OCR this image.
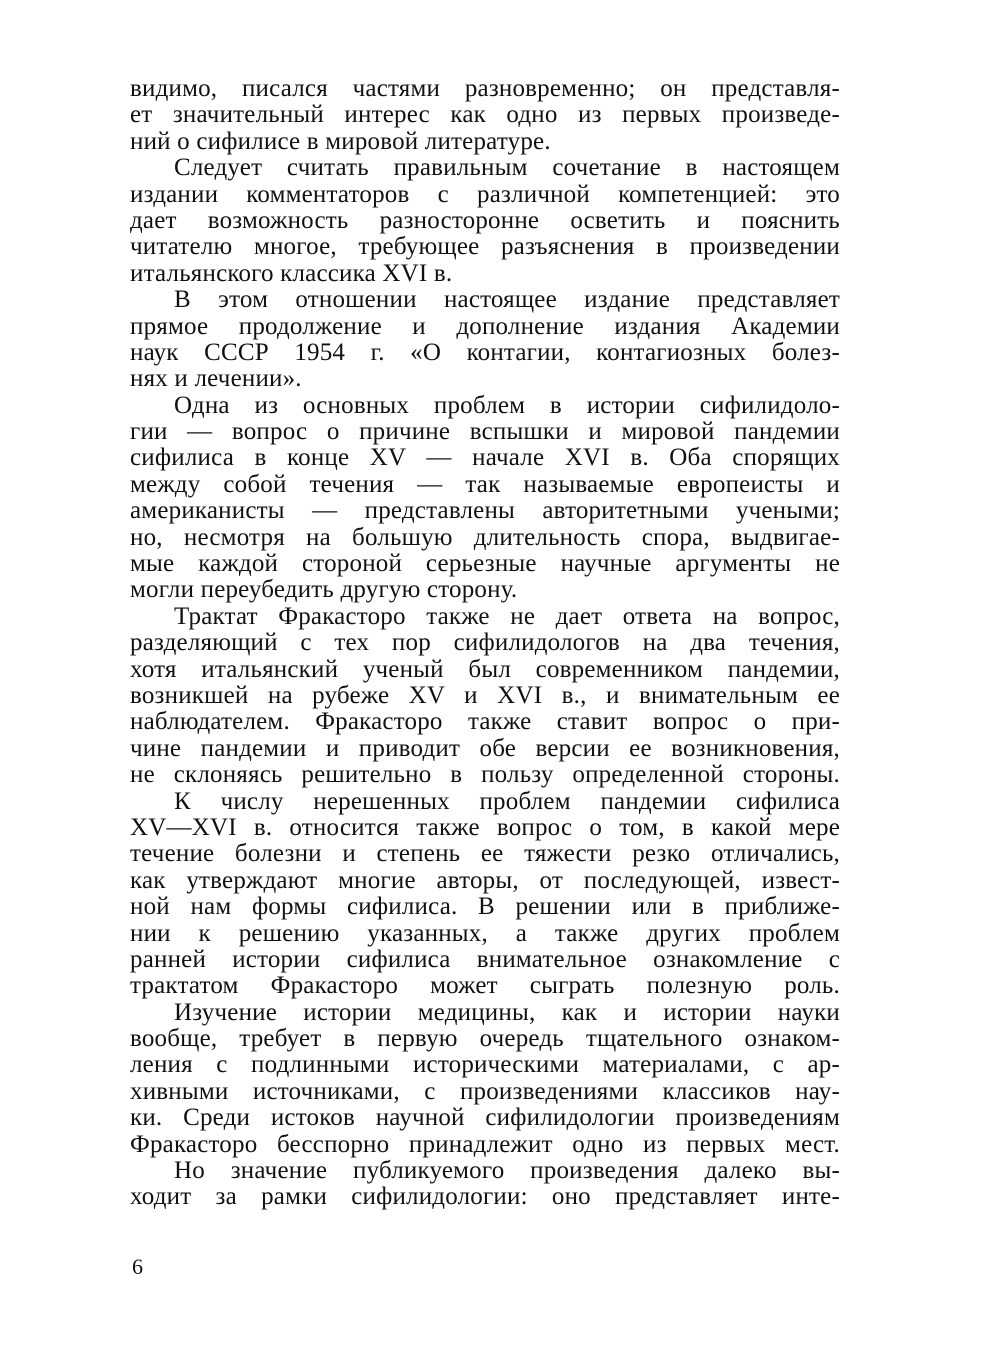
видимо, писался частями разновременно; он представля-
ет значительный интерес как одно из первых произведе-
ний о сифилисе в мировой литературе.
Следует считать правильным сочетание в настоящем
издании комментаторов с различной компетенцией: это
дает возможность разносторонне осветить и пояснить
читателю многое, требующее разъяснения в произведении
итальянского классика XVI в.
В этом отношении настоящее издание представляет
прямое продолжение и дополнение издания Академии
наук СССР 1954 г. «О контагии, контагиозных болез-
нях и лечении».
Одна из основных проблем в истории сифилидоло-
гии — вопрос о причине вспышки и мировой пандемии
сифилиса в конце XV — начале XVI в. Оба спорящих
между собой течения — так называемые европеисты и
американисты — представлены авторитетными учеными;
но, несмотря на большую длительность спора, выдвигае-
мые каждой стороной серьезные научные аргументы не
могли переубедить другую сторону.
Трактат Фракасторо также не дает ответа на вопрос,
разделяющий с тех пор сифилидологов на два течения,
хотя итальянский ученый был современником пандемии,
возникшей на рубеже XV и XVI в., и внимательным ее
наблюдателем. Фракасторо также ставит вопрос о при-
чине пандемии и приводит обе версии ее возникновения,
не склоняясь решительно в пользу определенной стороны.
К числу нерешенных проблем пандемии сифилиса
XV—XVI в. относится также вопрос о том, в какой мере
течение болезни и степень ее тяжести резко отличались,
как утверждают многие авторы, от последующей, извест-
ной нам формы сифилиса. В решении или в приближе-
нии к решению указанных, а также других проблем
ранней истории сифилиса внимательное ознакомление с
трактатом Фракасторо может сыграть полезную роль.
Изучение истории медицины, как и истории науки
вообще, требует в первую очередь тщательного ознаком-
ления с подлинными историческими материалами, с ар-
хивными источниками, с произведениями классиков нау-
ки. Среди истоков научной сифилидологии произведениям
Фракасторо бесспорно принадлежит одно из первых мест.
Но значение публикуемого произведения далеко вы-
ходит за рамки сифилидологии: оно представляет инте-
6
